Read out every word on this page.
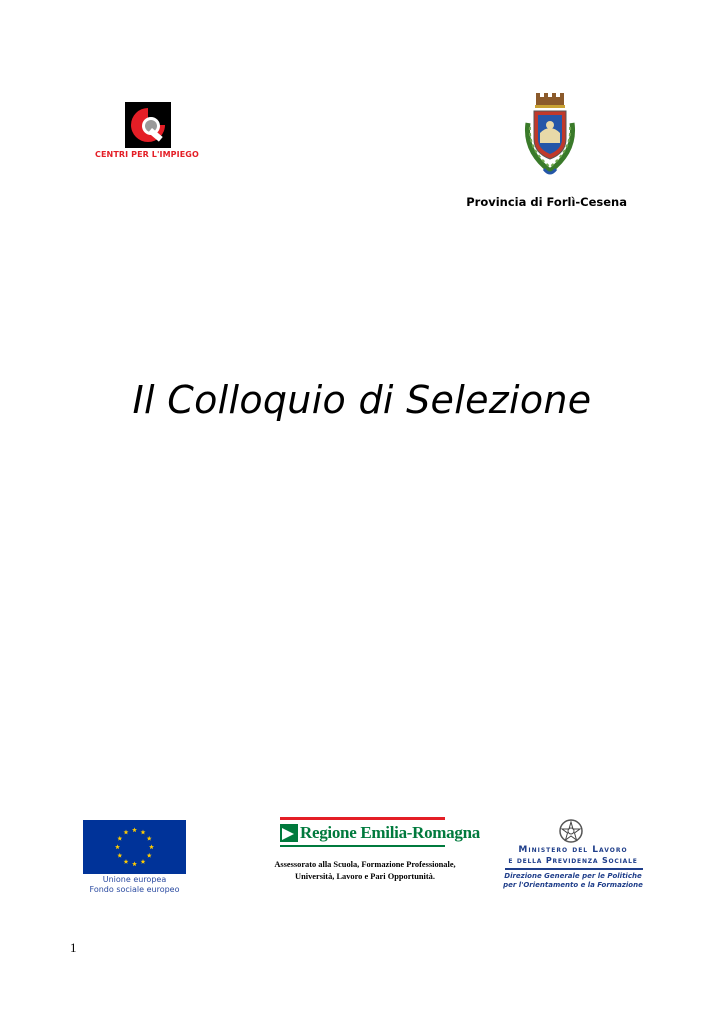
CENTRI PER L'IMPIEGO
Provincia di Forlì-Cesena
Il Colloquio di Selezione
Unione europea
Fondo sociale europeo
Regione Emilia-Romagna
Assessorato alla Scuola, Formazione Professionale,
Università, Lavoro e Pari Opportunità.
Ministero del Lavoro
e della Previdenza Sociale
Direzione Generale per le Politiche
per l'Orientamento e la Formazione
1
